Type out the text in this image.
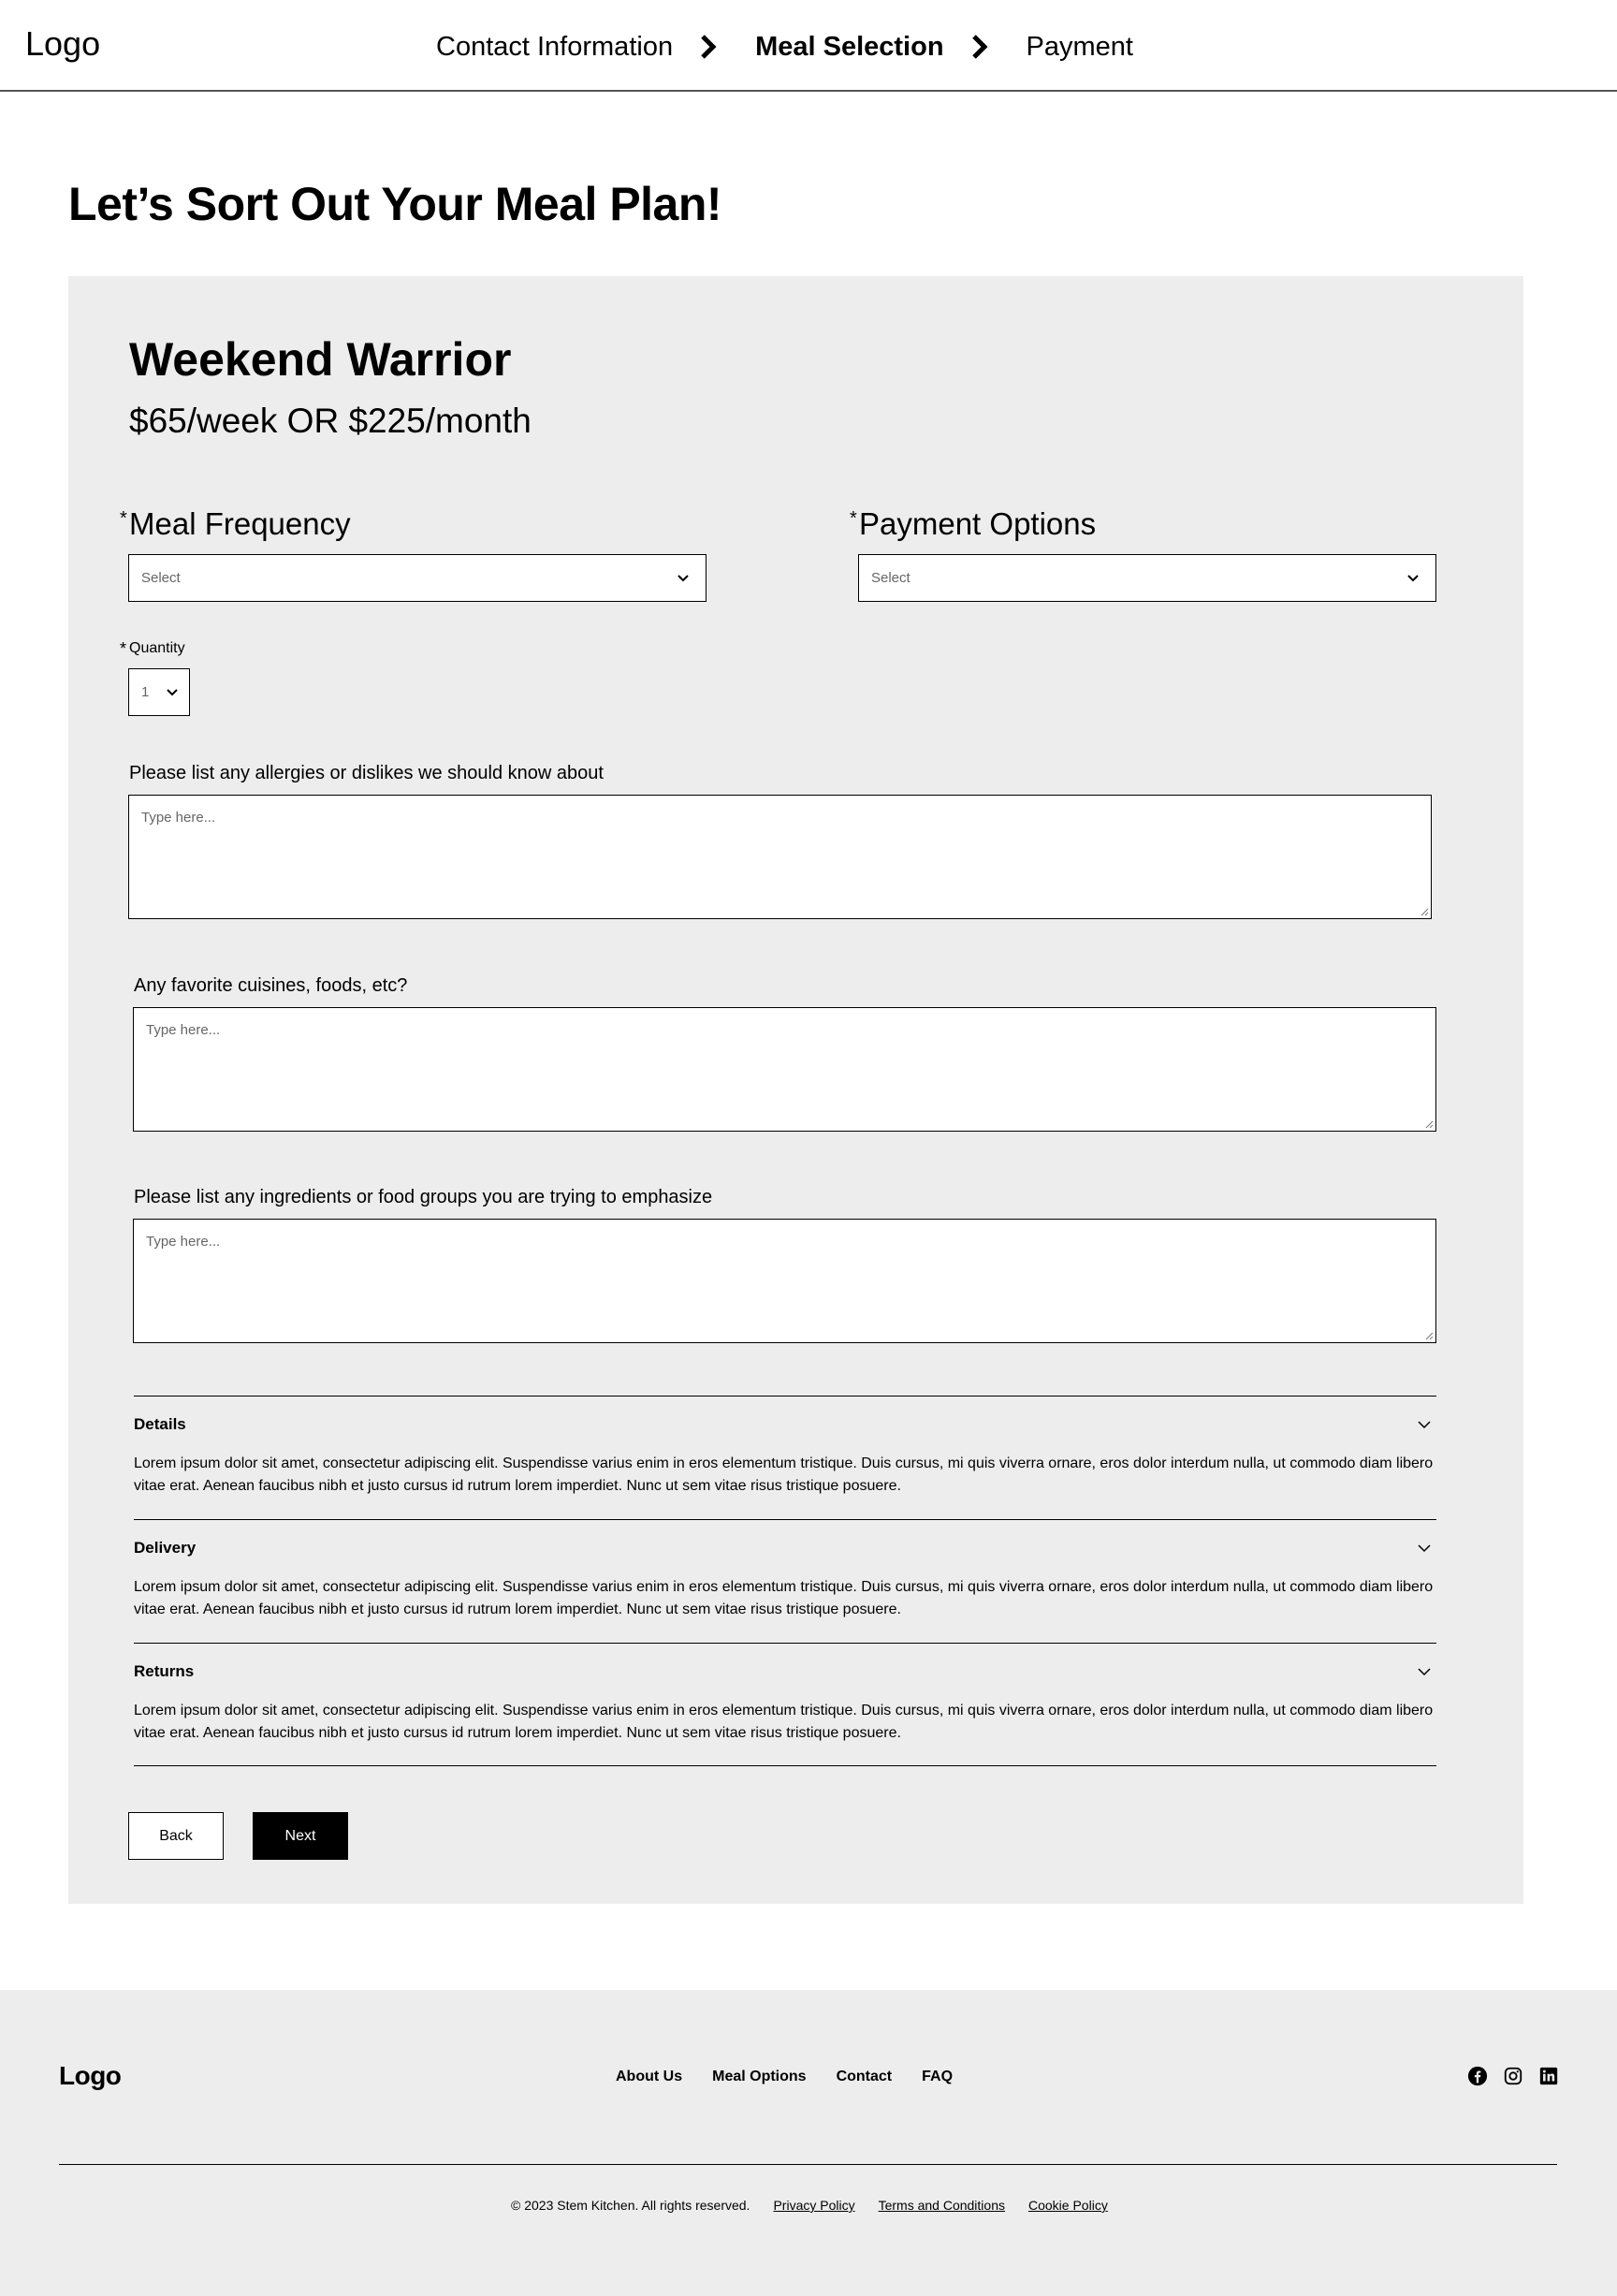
Logo	Contact Information	Meal Selection	Payment
Let’s Sort Out Your Meal Plan!
Weekend Warrior
$65/week OR $225/month
* Meal Frequency
Select
* Payment Options
Select
* Quantity
1
Please list any allergies or dislikes we should know about
Type here...
Any favorite cuisines, foods, etc?
Type here...
Please list any ingredients or food groups you are trying to emphasize
Type here...
Details
Lorem ipsum dolor sit amet, consectetur adipiscing elit. Suspendisse varius enim in eros elementum tristique. Duis cursus, mi quis viverra ornare, eros dolor interdum nulla, ut commodo diam libero vitae erat. Aenean faucibus nibh et justo cursus id rutrum lorem imperdiet. Nunc ut sem vitae risus tristique posuere.
Delivery
Lorem ipsum dolor sit amet, consectetur adipiscing elit. Suspendisse varius enim in eros elementum tristique. Duis cursus, mi quis viverra ornare, eros dolor interdum nulla, ut commodo diam libero vitae erat. Aenean faucibus nibh et justo cursus id rutrum lorem imperdiet. Nunc ut sem vitae risus tristique posuere.
Returns
Lorem ipsum dolor sit amet, consectetur adipiscing elit. Suspendisse varius enim in eros elementum tristique. Duis cursus, mi quis viverra ornare, eros dolor interdum nulla, ut commodo diam libero vitae erat. Aenean faucibus nibh et justo cursus id rutrum lorem imperdiet. Nunc ut sem vitae risus tristique posuere.
Back	Next
Logo	About Us Meal Options Contact FAQ
© 2023 Stem Kitchen. All rights reserved. Privacy Policy Terms and Conditions Cookie Policy
